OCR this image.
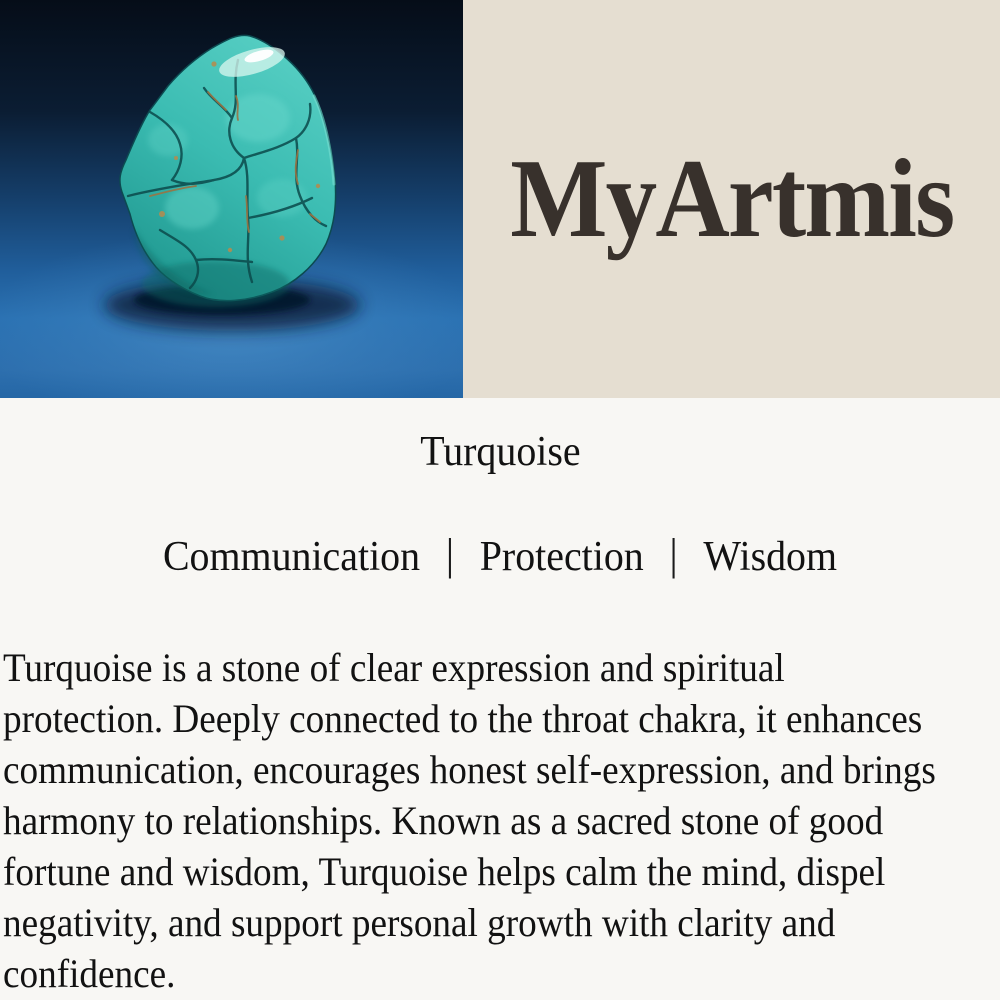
MyArtmis
Turquoise
Communication | Protection | Wisdom
Turquoise is a stone of clear expression and spiritual
protection. Deeply connected to the throat chakra, it enhances
communication, encourages honest self-expression, and brings
harmony to relationships. Known as a sacred stone of good
fortune and wisdom, Turquoise helps calm the mind, dispel
negativity, and support personal growth with clarity and
confidence.
